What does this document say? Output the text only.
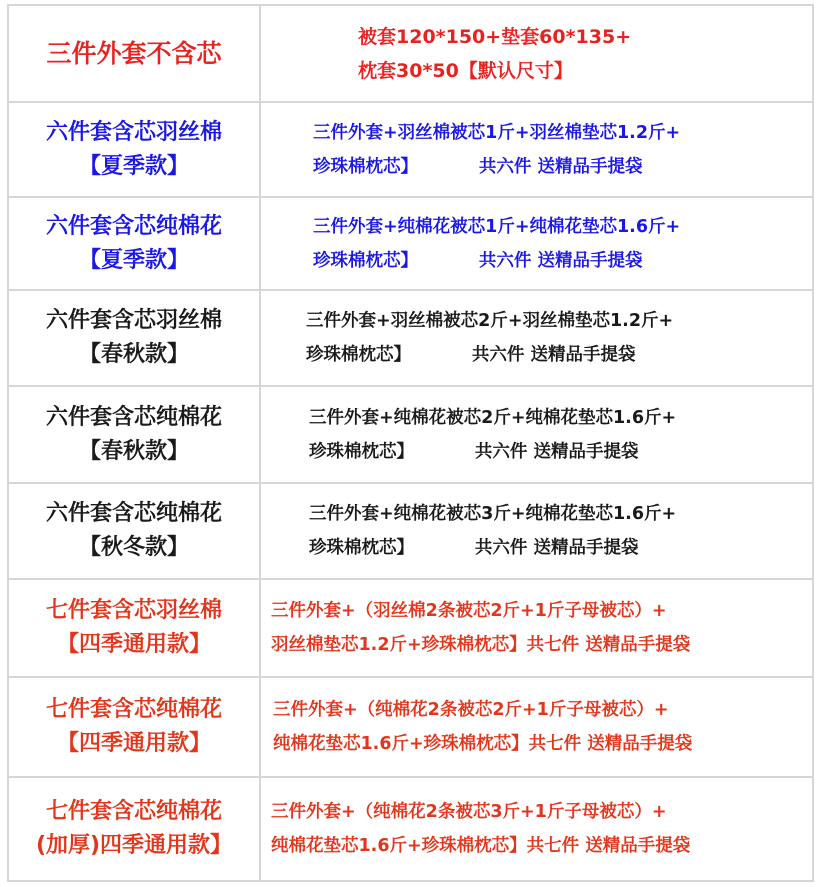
三件外套不含芯
被套120*150+垫套60*135+
枕套30*50【默认尺寸】
六件套含芯羽丝棉
【夏季款】
三件外套+羽丝棉被芯1斤+羽丝棉垫芯1.2斤+
珍珠棉枕芯】          共六件 送精品手提袋
六件套含芯纯棉花
【夏季款】
三件外套+纯棉花被芯1斤+纯棉花垫芯1.6斤+
珍珠棉枕芯】          共六件 送精品手提袋
六件套含芯羽丝棉
【春秋款】
三件外套+羽丝棉被芯2斤+羽丝棉垫芯1.2斤+
珍珠棉枕芯】          共六件 送精品手提袋
六件套含芯纯棉花
【春秋款】
三件外套+纯棉花被芯2斤+纯棉花垫芯1.6斤+
珍珠棉枕芯】          共六件 送精品手提袋
六件套含芯纯棉花
【秋冬款】
三件外套+纯棉花被芯3斤+纯棉花垫芯1.6斤+
珍珠棉枕芯】          共六件 送精品手提袋
七件套含芯羽丝棉
【四季通用款】
三件外套+（羽丝棉2条被芯2斤+1斤子母被芯）+
羽丝棉垫芯1.2斤+珍珠棉枕芯】共七件 送精品手提袋
七件套含芯纯棉花
【四季通用款】
三件外套+（纯棉花2条被芯2斤+1斤子母被芯）+
纯棉花垫芯1.6斤+珍珠棉枕芯】共七件 送精品手提袋
七件套含芯纯棉花
(加厚)四季通用款】
三件外套+（纯棉花2条被芯3斤+1斤子母被芯）+
纯棉花垫芯1.6斤+珍珠棉枕芯】共七件 送精品手提袋
